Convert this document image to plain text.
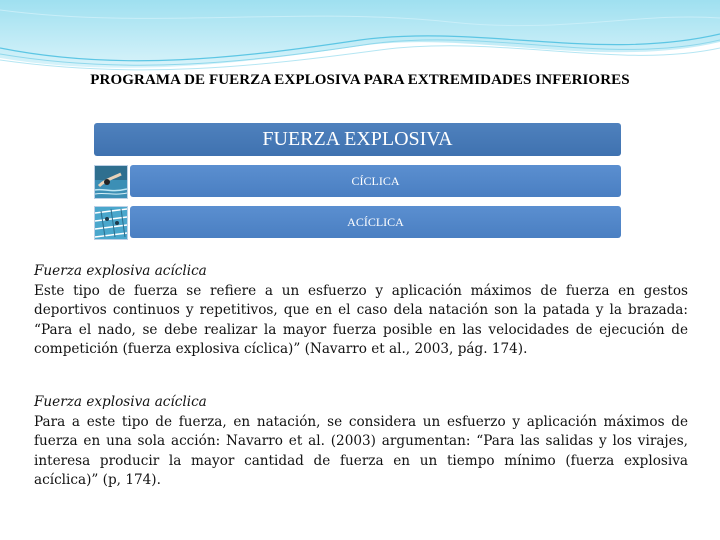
PROGRAMA DE FUERZA EXPLOSIVA PARA EXTREMIDADES INFERIORES
FUERZA EXPLOSIVA
CÍCLICA
ACÍCLICA
Fuerza explosiva acíclica
Este tipo de fuerza se refiere a un esfuerzo y aplicación máximos de fuerza en gestos deportivos continuos y repetitivos, que en el caso dela natación son la patada y la brazada: “Para el nado, se debe realizar la mayor fuerza posible en las velocidades de ejecución de competición (fuerza explosiva cíclica)” (Navarro et al., 2003, pág. 174).
Fuerza explosiva acíclica
Para a este tipo de fuerza, en natación, se considera un esfuerzo y aplicación máximos de fuerza en una sola acción: Navarro et al. (2003) argumentan: “Para las salidas y los virajes, interesa producir la mayor cantidad de fuerza en un tiempo mínimo (fuerza explosiva acíclica)” (p, 174).
